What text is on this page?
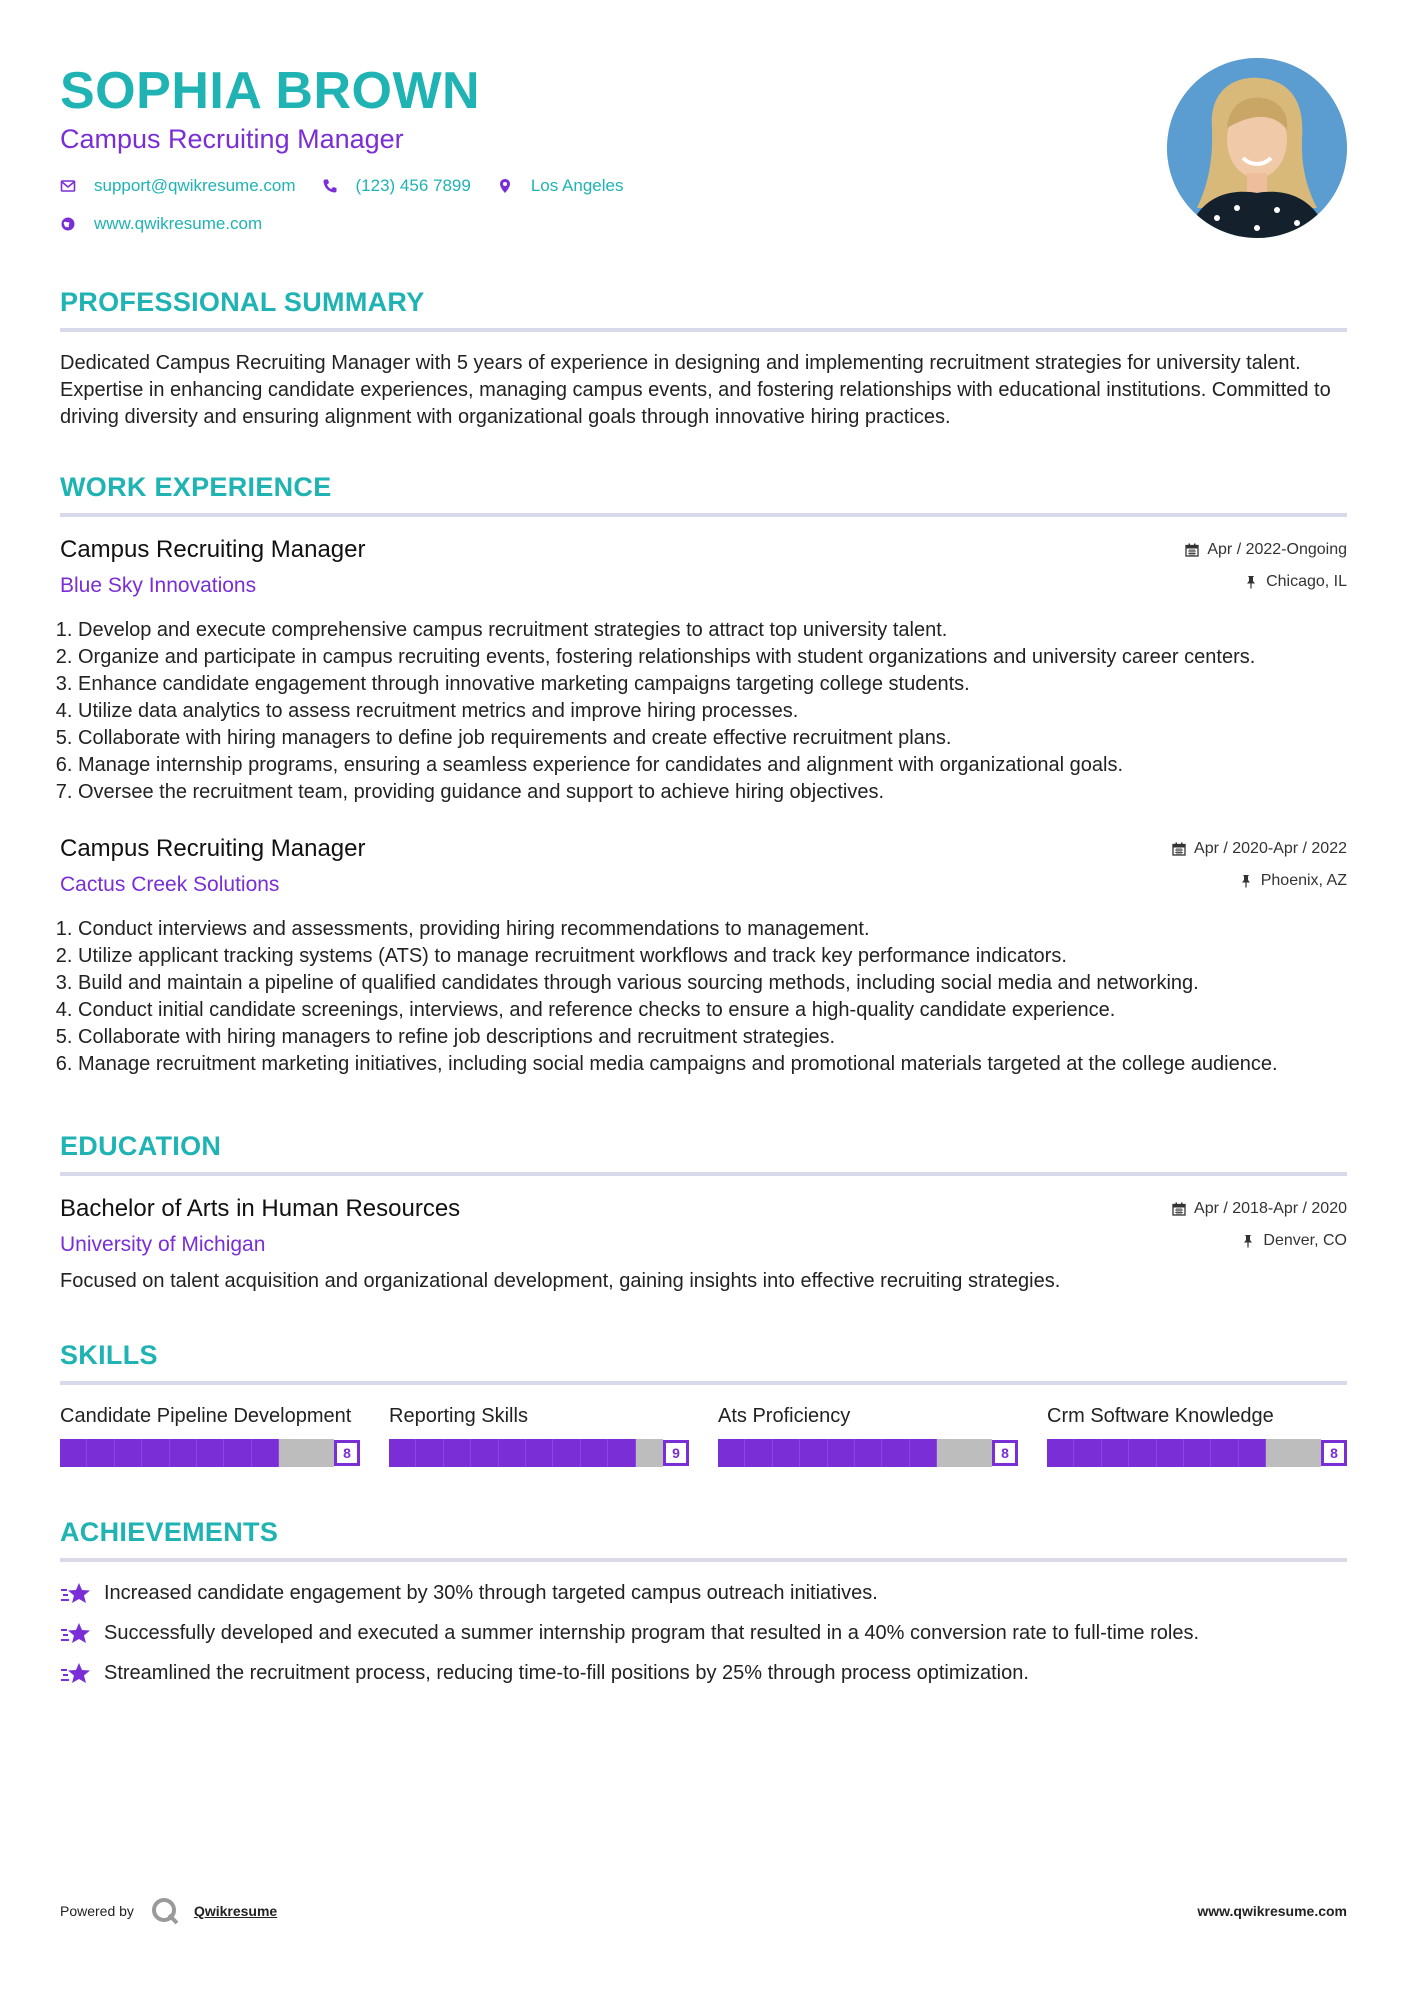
SOPHIA BROWN
Campus Recruiting Manager
support@qwikresume.com	(123) 456 7899	Los Angeles
www.qwikresume.com
PROFESSIONAL SUMMARY

Dedicated Campus Recruiting Manager with 5 years of experience in designing and implementing recruitment strategies for university talent. Expertise in enhancing candidate experiences, managing campus events, and fostering relationships with educational institutions. Committed to driving diversity and ensuring alignment with organizational goals through innovative hiring practices.

WORK EXPERIENCE
Campus Recruiting Manager
Blue Sky Innovations
Apr / 2022-Ongoing
Chicago, IL
1. Develop and execute comprehensive campus recruitment strategies to attract top university talent.
2. Organize and participate in campus recruiting events, fostering relationships with student organizations and university career centers.
3. Enhance candidate engagement through innovative marketing campaigns targeting college students.
4. Utilize data analytics to assess recruitment metrics and improve hiring processes.
5. Collaborate with hiring managers to define job requirements and create effective recruitment plans.
6. Manage internship programs, ensuring a seamless experience for candidates and alignment with organizational goals.
7. Oversee the recruitment team, providing guidance and support to achieve hiring objectives.
Campus Recruiting Manager
Cactus Creek Solutions
Apr / 2020-Apr / 2022
Phoenix, AZ
1. Conduct interviews and assessments, providing hiring recommendations to management.
2. Utilize applicant tracking systems (ATS) to manage recruitment workflows and track key performance indicators.
3. Build and maintain a pipeline of qualified candidates through various sourcing methods, including social media and networking.
4. Conduct initial candidate screenings, interviews, and reference checks to ensure a high-quality candidate experience.
5. Collaborate with hiring managers to refine job descriptions and recruitment strategies.
6. Manage recruitment marketing initiatives, including social media campaigns and promotional materials targeted at the college audience.
EDUCATION
Bachelor of Arts in Human Resources
University of Michigan
Apr / 2018-Apr / 2020
Denver, CO

Focused on talent acquisition and organizational development, gaining insights into effective recruiting strategies.

SKILLS
Candidate Pipeline Development
8
Reporting Skills
9
Ats Proficiency
8
Crm Software Knowledge
8
ACHIEVEMENTS
Increased candidate engagement by 30% through targeted campus outreach initiatives.
Successfully developed and executed a summer internship program that resulted in a 40% conversion rate to full-time roles.
Streamlined the recruitment process, reducing time-to-fill positions by 25% through process optimization.
Powered by	Qwikresume	www.qwikresume.com
